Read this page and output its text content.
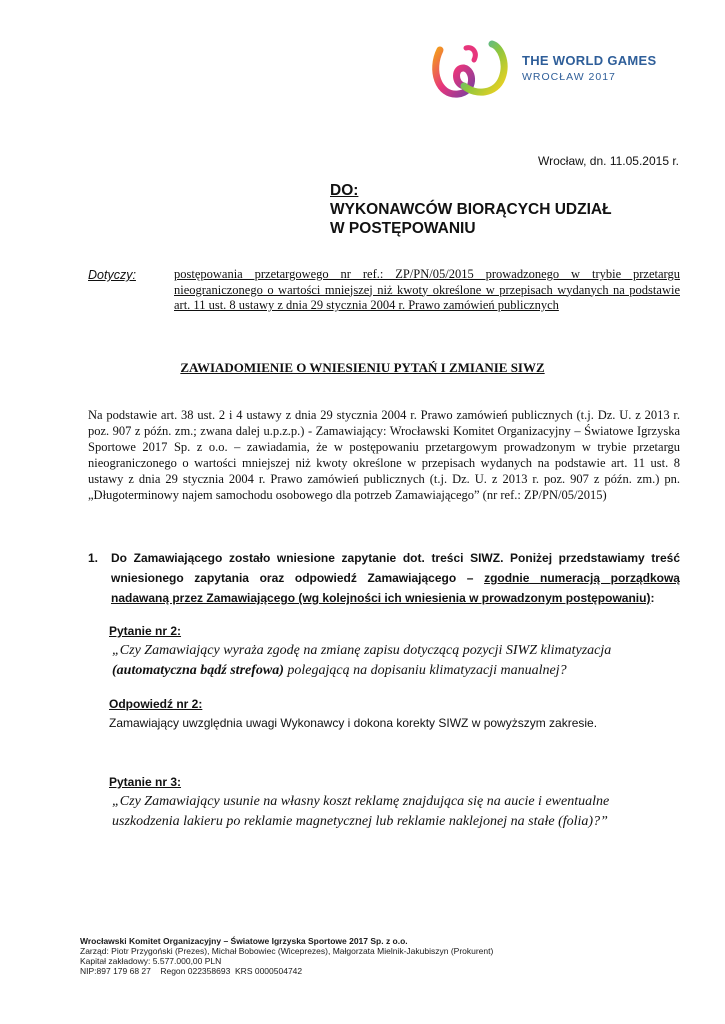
THE WORLD GAMES
WROCŁAW 2017
Wrocław, dn. 11.05.2015 r.
DO:
WYKONAWCÓW BIORĄCYCH UDZIAŁ
W POSTĘPOWANIU
Dotyczy:	postępowania przetargowego nr ref.: ZP/PN/05/2015 prowadzonego w trybie przetargu nieograniczonego o wartości mniejszej niż kwoty określone w przepisach wydanych na podstawie art. 11 ust. 8 ustawy z dnia 29 stycznia 2004 r. Prawo zamówień publicznych
ZAWIADOMIENIE O WNIESIENIU PYTAŃ I ZMIANIE SIWZ
Na podstawie art. 38 ust. 2 i 4 ustawy z dnia 29 stycznia 2004 r. Prawo zamówień publicznych (t.j. Dz. U. z 2013 r. poz. 907 z późn. zm.; zwana dalej u.p.z.p.) - Zamawiający: Wrocławski Komitet Organizacyjny – Światowe Igrzyska Sportowe 2017 Sp. z o.o. – zawiadamia, że w postępowaniu przetargowym prowadzonym w trybie przetargu nieograniczonego o wartości mniejszej niż kwoty określone w przepisach wydanych na podstawie art. 11 ust. 8 ustawy z dnia 29 stycznia 2004 r. Prawo zamówień publicznych (t.j. Dz. U. z 2013 r. poz. 907 z późn. zm.) pn. „Długoterminowy najem samochodu osobowego dla potrzeb Zamawiającego” (nr ref.: ZP/PN/05/2015)
1. Do Zamawiającego zostało wniesione zapytanie dot. treści SIWZ. Poniżej przedstawiamy treść wniesionego zapytania oraz odpowiedź Zamawiającego – zgodnie numeracją porządkową nadawaną przez Zamawiającego (wg kolejności ich wniesienia w prowadzonym postępowaniu):
Pytanie nr 2:
„Czy Zamawiający wyraża zgodę na zmianę zapisu dotyczącą pozycji SIWZ klimatyzacja (automatyczna bądź strefowa) polegającą na dopisaniu klimatyzacji manualnej?
Odpowiedź nr 2:
Zamawiający uwzględnia uwagi Wykonawcy i dokona korekty SIWZ w powyższym zakresie.
Pytanie nr 3:
„Czy Zamawiający usunie na własny koszt reklamę znajdująca się na aucie i ewentualne uszkodzenia lakieru po reklamie magnetycznej lub reklamie naklejonej na stałe (folia)?”
Wrocławski Komitet Organizacyjny – Światowe Igrzyska Sportowe 2017 Sp. z o.o.
Zarząd: Piotr Przygoński (Prezes), Michał Bobowiec (Wiceprezes), Małgorzata Mielnik-Jakubiszyn (Prokurent)
Kapitał zakładowy: 5.577.000,00 PLN
NIP:897 179 68 27    Regon 022358693  KRS 0000504742
